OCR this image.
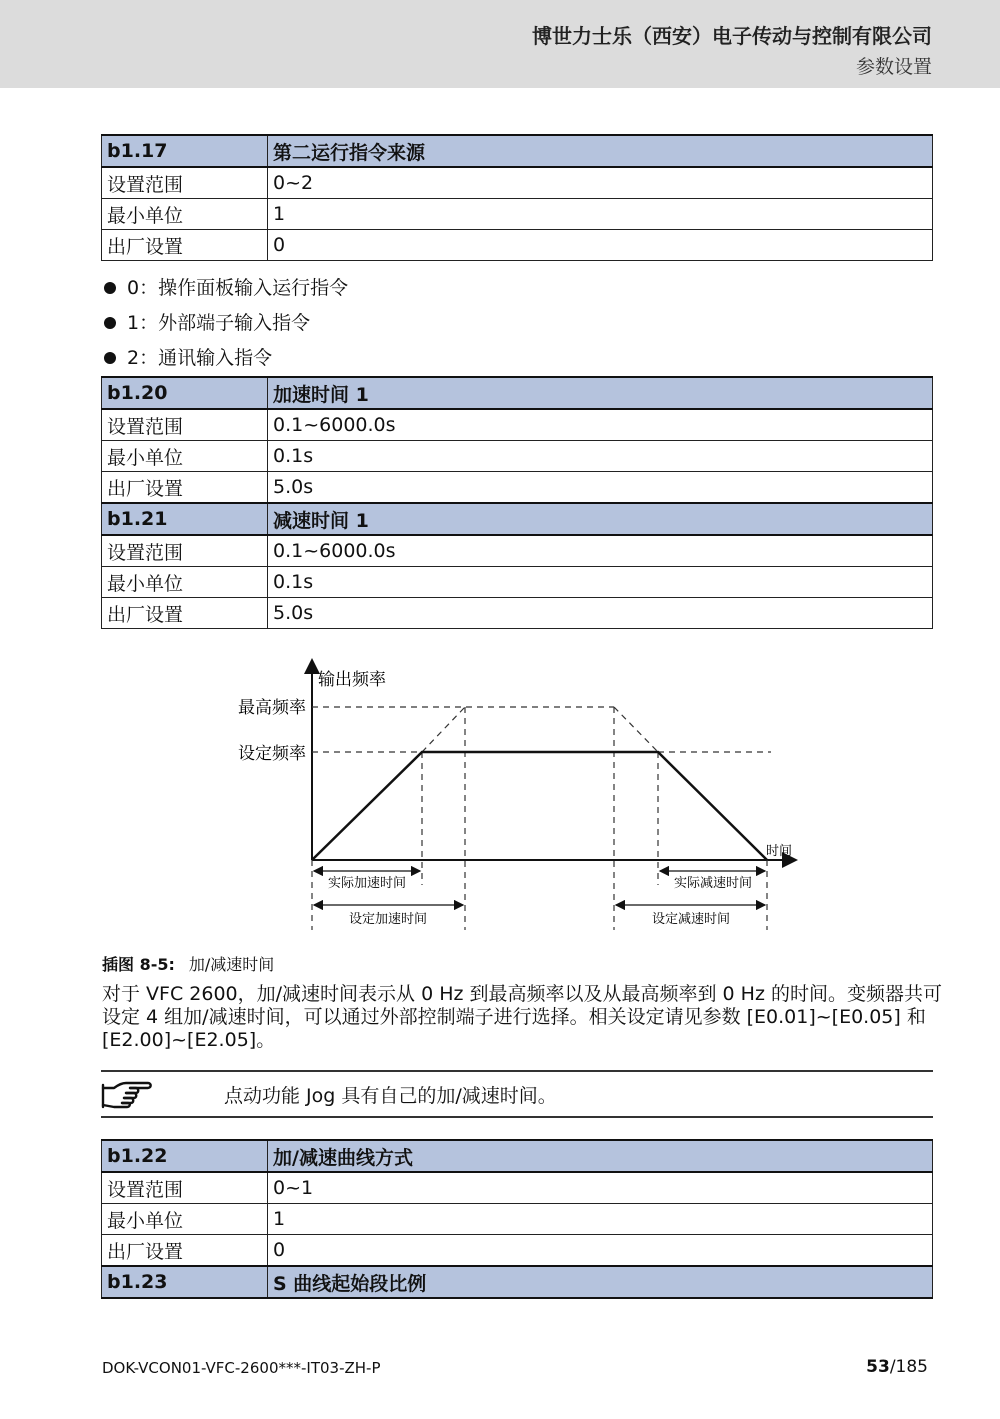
博世力士乐（西安）电子传动与控制有限公司
参数设置
b1.17	第二运行指令来源
设置范围	0~2
最小单位	1
出厂设置	0
0：操作面板输入运行指令
1：外部端子输入指令
2：通讯输入指令
b1.20	加速时间 1
设置范围	0.1~6000.0s
最小单位	0.1s
出厂设置	5.0s
b1.21	减速时间 1
设置范围	0.1~6000.0s
最小单位	0.1s
出厂设置	5.0s
输出频率
最高频率
设定频率
时间
实际加速时间	实际减速时间
设定加速时间	设定减速时间
插图 8-5: 加/减速时间
对于 VFC 2600，加/减速时间表示从 0 Hz 到最高频率以及从最高频率到 0 Hz 的时间。变频器共可设定 4 组加/减速时间，可以通过外部控制端子进行选择。相关设定请见参数 [E0.01]~[E0.05] 和[E2.00]~[E2.05]。
点动功能 Jog 具有自己的加/减速时间。
b1.22	加/减速曲线方式
设置范围	0~1
最小单位	1
出厂设置	0
b1.23	S 曲线起始段比例
DOK-VCON01-VFC-2600***-IT03-ZH-P	53/185
